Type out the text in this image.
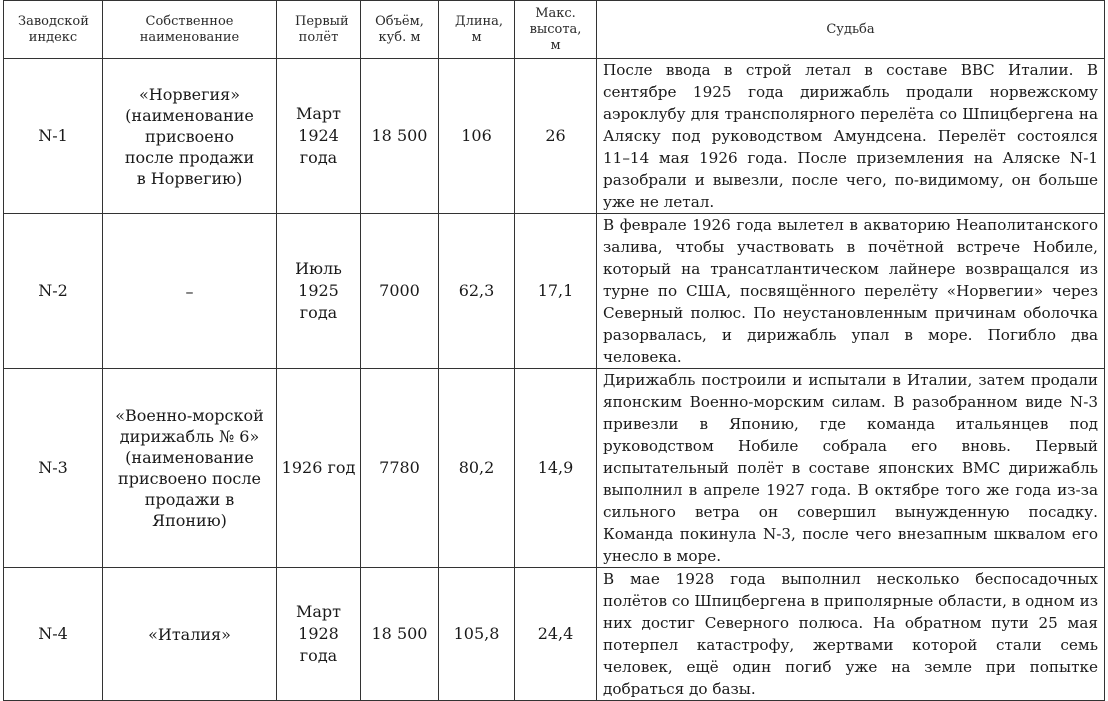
Заводской индекс	Собственное наименование	Первый полёт	Объём, куб. м	Длина, м	Макс. высота, м	Судьба
N-1	«Норвегия» (наименование присвоено после продажи в Норвегию)	Март 1924 года	18 500	106	26	После ввода в строй летал в составе ВВС Италии. В сентябре 1925 года дирижабль продали норвежскому аэроклубу для трансполярного перелёта со Шпицбергена на Аляску под руководством Амундсена. Перелёт состоялся 11–14 мая 1926 года. После приземления на Аляске N-1 разобрали и вывезли, после чего, по-видимому, он больше уже не летал.
N-2	–	Июль 1925 года	7000	62,3	17,1	В феврале 1926 года вылетел в акваторию Неаполитанского залива, чтобы участвовать в почётной встрече Нобиле, который на трансатлантическом лайнере возвращался из турне по США, посвящённого перелёту «Норвегии» через Северный полюс. По неустановленным причинам оболочка разорвалась, и дирижабль упал в море. Погибло два человека.
N-3	«Военно-морской дирижабль № 6» (наименование присвоено после продажи в Японию)	1926 год	7780	80,2	14,9	Дирижабль построили и испытали в Италии, затем продали японским Военно-морским силам. В разобранном виде N-3 привезли в Японию, где команда итальянцев под руководством Нобиле собрала его вновь. Первый испытательный полёт в составе японских ВМС дирижабль выполнил в апреле 1927 года. В октябре того же года из-за сильного ветра он совершил вынужденную посадку. Команда покинула N-3, после чего внезапным шквалом его унесло в море.
N-4	«Италия»	Март 1928 года	18 500	105,8	24,4	В мае 1928 года выполнил несколько беспосадочных полётов со Шпицбергена в приполярные области, в одном из них достиг Северного полюса. На обратном пути 25 мая потерпел катастрофу, жертвами которой стали семь человек, ещё один погиб уже на земле при попытке добраться до базы.
